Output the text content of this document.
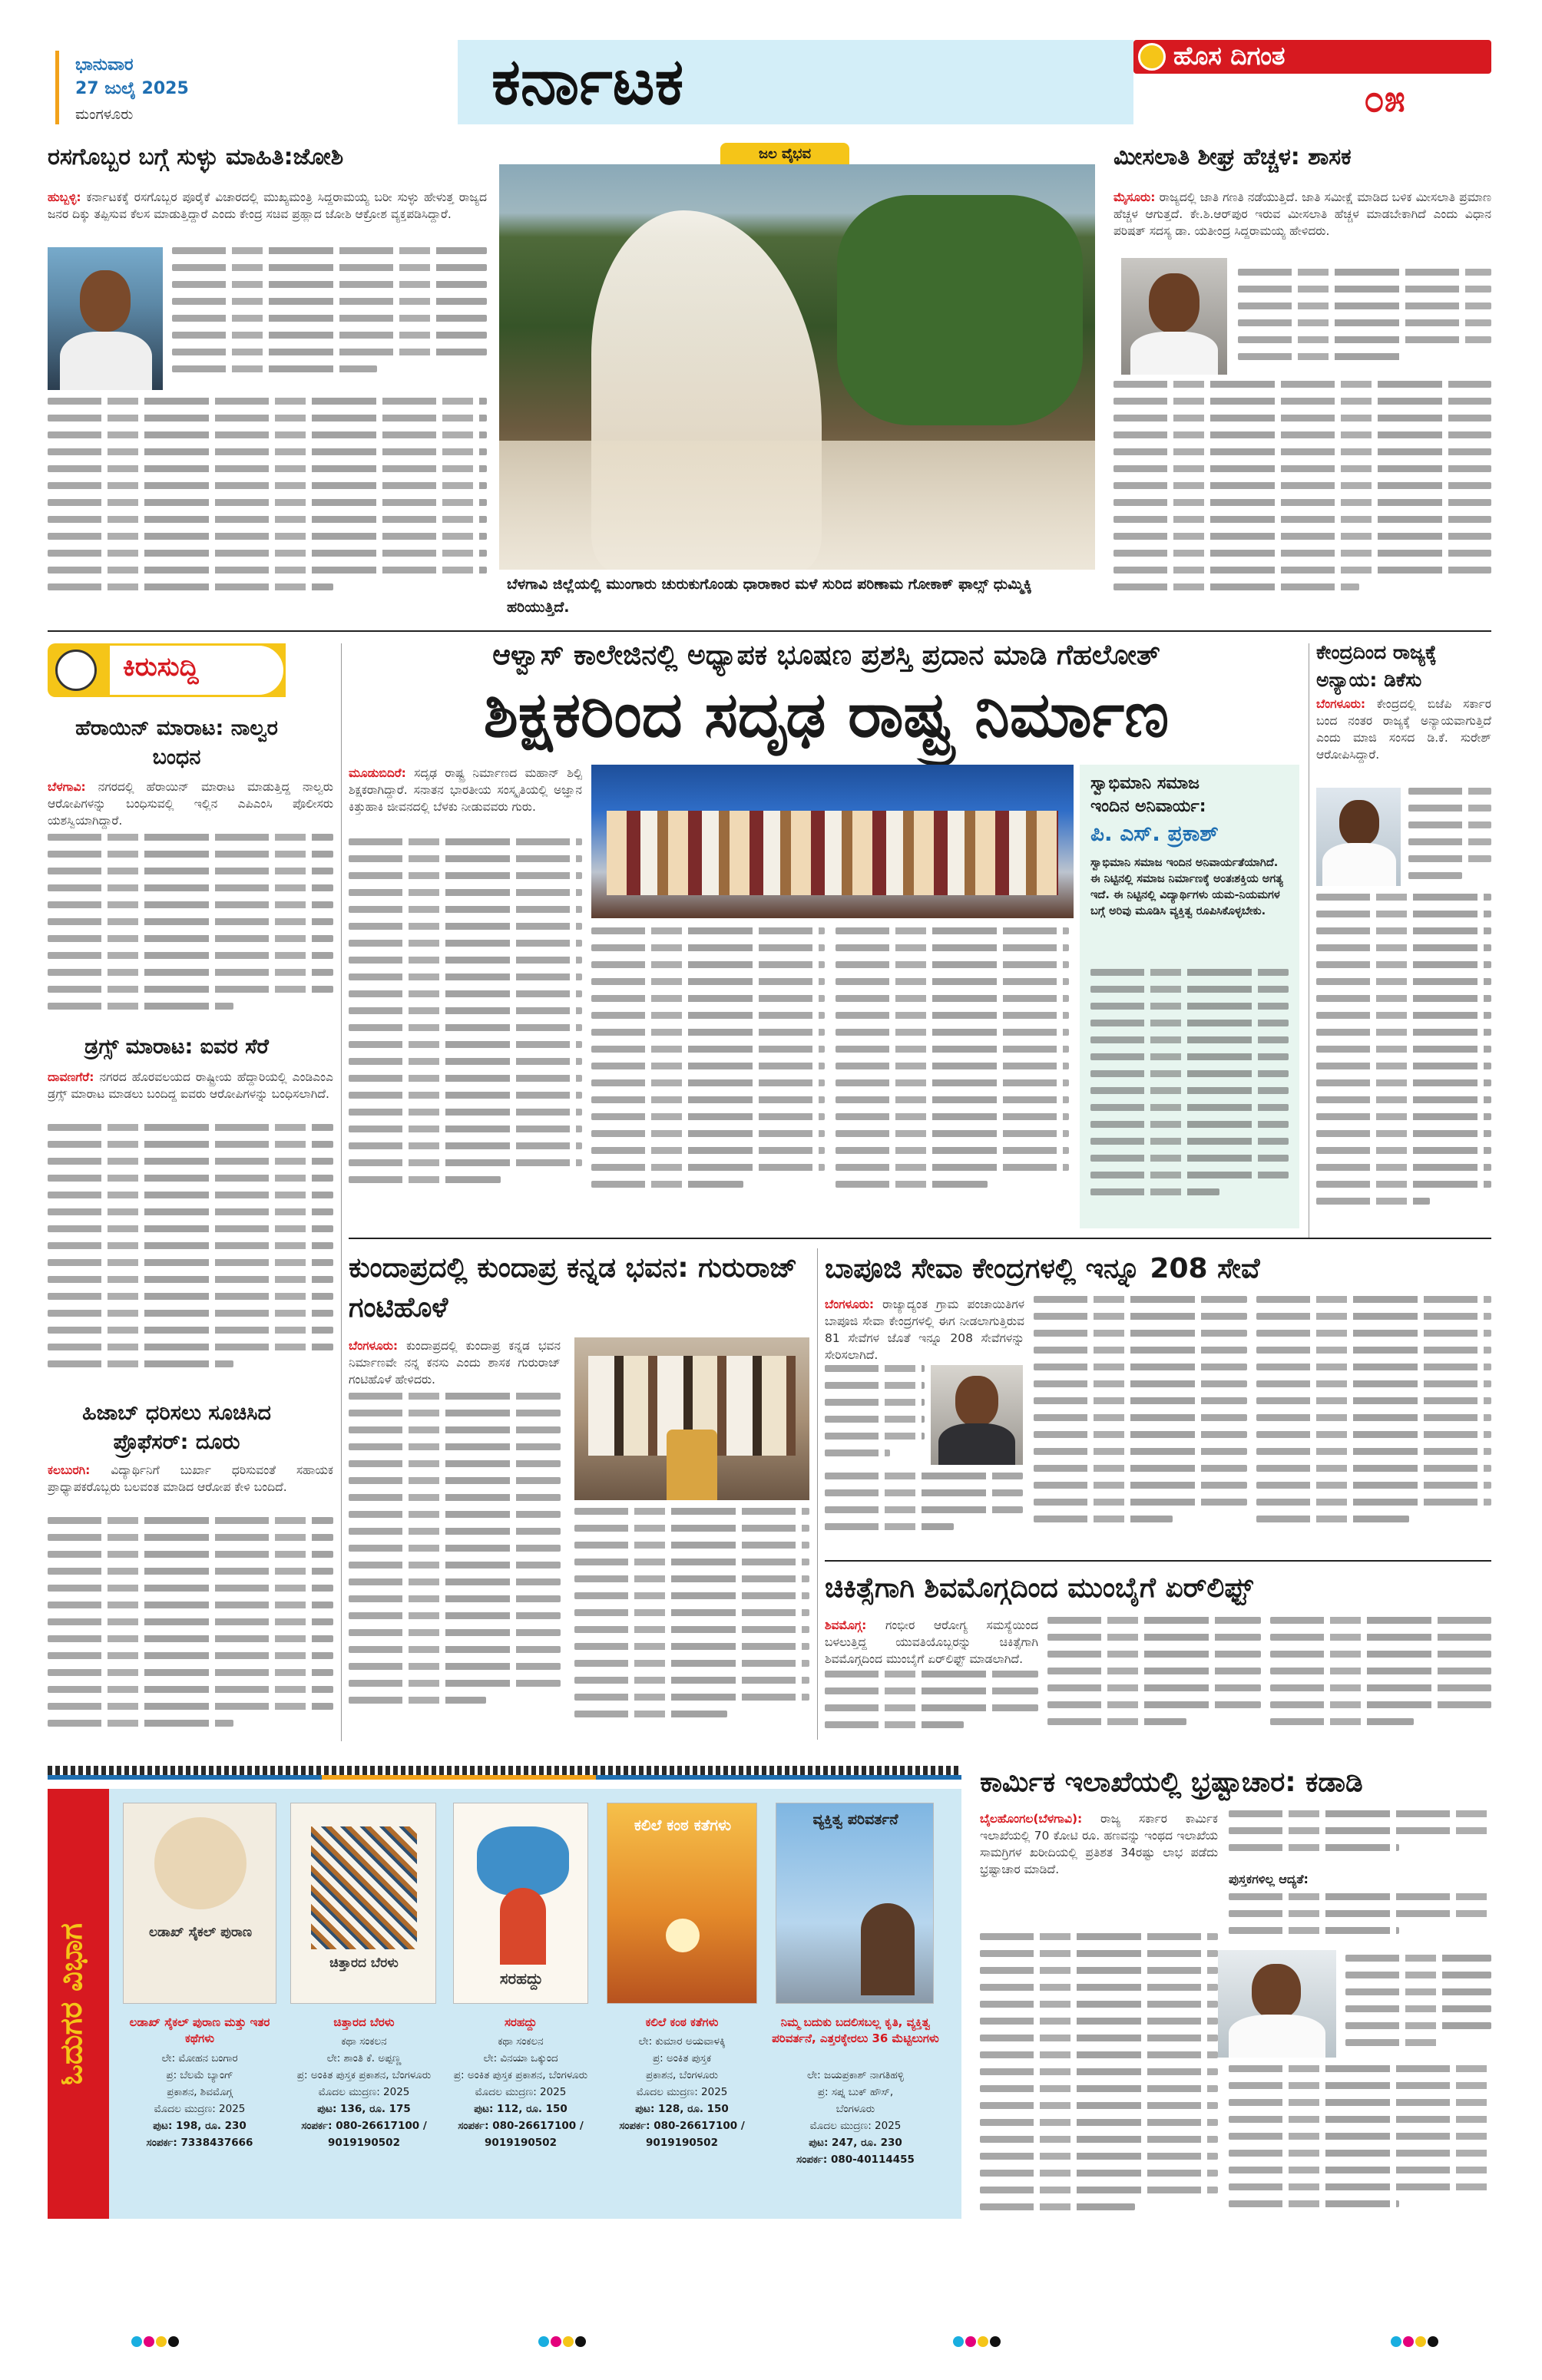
ಭಾನುವಾರ
27 ಜುಲೈ 2025
ಮಂಗಳೂರು	ಕರ್ನಾಟಕ	ಹೊಸ ದಿಗಂತ
೦೫
ರಸಗೊಬ್ಬರ ಬಗ್ಗೆ ಸುಳ್ಳು ಮಾಹಿತಿ:ಜೋಶಿ
ಹುಬ್ಬಳ್ಳಿ: ಕರ್ನಾಟಕಕ್ಕೆ ರಸಗೊಬ್ಬರ ಪೂರೈಕೆ ವಿಚಾರದಲ್ಲಿ ಮುಖ್ಯಮಂತ್ರಿ ಸಿದ್ದರಾಮಯ್ಯ ಬರೀ ಸುಳ್ಳು ಹೇಳುತ್ತ ರಾಜ್ಯದ ಜನರ ದಿಕ್ಕು ತಪ್ಪಿಸುವ ಕೆಲಸ ಮಾಡುತ್ತಿದ್ದಾರೆ ಎಂದು ಕೇಂದ್ರ ಸಚಿವ ಪ್ರಹ್ಲಾದ ಜೋಶಿ ಆಕ್ರೋಶ ವ್ಯಕ್ತಪಡಿಸಿದ್ದಾರೆ.

ಜಲ ವೈಭವ
ಬೆಳಗಾವಿ ಜಿಲ್ಲೆಯಲ್ಲಿ ಮುಂಗಾರು ಚುರುಕುಗೊಂಡು ಧಾರಾಕಾರ ಮಳೆ ಸುರಿದ ಪರಿಣಾಮ ಗೋಕಾಕ್ ಫಾಲ್ಸ್ ಧುಮ್ಮಿಕ್ಕಿ ಹರಿಯುತ್ತಿದೆ.
ಮೀಸಲಾತಿ ಶೀಘ್ರ ಹೆಚ್ಚಳ: ಶಾಸಕ
ಮೈಸೂರು: ರಾಜ್ಯದಲ್ಲಿ ಜಾತಿ ಗಣತಿ ನಡೆಯುತ್ತಿದೆ. ಜಾತಿ ಸಮೀಕ್ಷೆ ಮಾಡಿದ ಬಳಿಕ ಮೀಸಲಾತಿ ಪ್ರಮಾಣ ಹೆಚ್ಚಳ ಆಗುತ್ತದೆ. ಕೇ.ಶಿ.ಆರ್‌ಪುರ ಇರುವ ಮೀಸಲಾತಿ ಹೆಚ್ಚಳ ಮಾಡಬೇಕಾಗಿದೆ ಎಂದು ವಿಧಾನ ಪರಿಷತ್ ಸದಸ್ಯ ಡಾ. ಯತೀಂದ್ರ ಸಿದ್ದರಾಮಯ್ಯ ಹೇಳಿದರು.

ಕಿರುಸುದ್ದಿ
ಹೆರಾಯಿನ್ ಮಾರಾಟ: ನಾಲ್ವರ ಬಂಧನ
ಬೆಳಗಾವಿ: ನಗರದಲ್ಲಿ ಹೆರಾಯಿನ್ ಮಾರಾಟ ಮಾಡುತ್ತಿದ್ದ ನಾಲ್ವರು ಆರೋಪಿಗಳನ್ನು ಬಂಧಿಸುವಲ್ಲಿ ಇಲ್ಲಿನ ಎಪಿಎಂಸಿ ಪೊಲೀಸರು ಯಶಸ್ವಿಯಾಗಿದ್ದಾರೆ.

ಡ್ರಗ್ಸ್ ಮಾರಾಟ: ಐವರ ಸೆರೆ
ದಾವಣಗೆರೆ: ನಗರದ ಹೊರವಲಯದ ರಾಷ್ಟ್ರೀಯ ಹೆದ್ದಾರಿಯಲ್ಲಿ ಎಂಡಿಎಂಎ ಡ್ರಗ್ಸ್ ಮಾರಾಟ ಮಾಡಲು ಬಂದಿದ್ದ ಐವರು ಆರೋಪಿಗಳನ್ನು ಬಂಧಿಸಲಾಗಿದೆ.

ಹಿಜಾಬ್ ಧರಿಸಲು ಸೂಚಿಸಿದ ಪ್ರೊಫೆಸರ್: ದೂರು
ಕಲಬುರಗಿ: ವಿದ್ಯಾರ್ಥಿನಿಗೆ ಬುರ್ಖಾ ಧರಿಸುವಂತೆ ಸಹಾಯಕ ಪ್ರಾಧ್ಯಾಪಕರೊಬ್ಬರು ಬಲವಂತ ಮಾಡಿದ ಆರೋಪ ಕೇಳಿ ಬಂದಿದೆ.

ಆಳ್ವಾಸ್ ಕಾಲೇಜಿನಲ್ಲಿ ಅಧ್ಯಾಪಕ ಭೂಷಣ ಪ್ರಶಸ್ತಿ ಪ್ರದಾನ ಮಾಡಿ ಗೆಹಲೋತ್
ಶಿಕ್ಷಕರಿಂದ ಸದೃಢ ರಾಷ್ಟ್ರ ನಿರ್ಮಾಣ
ಮೂಡುಬಿದಿರೆ: ಸದೃಢ ರಾಷ್ಟ್ರ ನಿರ್ಮಾಣದ ಮಹಾನ್ ಶಿಲ್ಪಿ ಶಿಕ್ಷಕರಾಗಿದ್ದಾರೆ. ಸನಾತನ ಭಾರತೀಯ ಸಂಸ್ಕೃತಿಯಲ್ಲಿ ಅಜ್ಞಾನ ಕಿತ್ತುಹಾಕಿ ಜೀವನದಲ್ಲಿ ಬೆಳಕು ನೀಡುವವರು ಗುರು.

ಸ್ವಾಭಿಮಾನಿ ಸಮಾಜ
ಇಂದಿನ ಅನಿವಾರ್ಯ:
ಪಿ. ಎಸ್. ಪ್ರಕಾಶ್
ಸ್ವಾಭಿಮಾನಿ ಸಮಾಜ ಇಂದಿನ ಅನಿವಾರ್ಯತೆಯಾಗಿದೆ. ಈ ನಿಟ್ಟಿನಲ್ಲಿ ಸಮಾಜ ನಿರ್ಮಾಣಕ್ಕೆ ಅಂತಃಶಕ್ತಿಯ ಅಗತ್ಯ ಇದೆ. ಈ ನಿಟ್ಟಿನಲ್ಲಿ ವಿದ್ಯಾರ್ಥಿಗಳು ಯಮ-ನಿಯಮಗಳ ಬಗ್ಗೆ ಅರಿವು ಮೂಡಿಸಿ ವ್ಯಕ್ತಿತ್ವ ರೂಪಿಸಿಕೊಳ್ಳಬೇಕು.

ಕೇಂದ್ರದಿಂದ ರಾಜ್ಯಕ್ಕೆ ಅನ್ಯಾಯ: ಡಿಕೆಸು
ಬೆಂಗಳೂರು: ಕೇಂದ್ರದಲ್ಲಿ ಬಿಜೆಪಿ ಸರ್ಕಾರ ಬಂದ ನಂತರ ರಾಜ್ಯಕ್ಕೆ ಅನ್ಯಾಯವಾಗುತ್ತಿದೆ ಎಂದು ಮಾಜಿ ಸಂಸದ ಡಿ.ಕೆ. ಸುರೇಶ್ ಆರೋಪಿಸಿದ್ದಾರೆ.

ಕುಂದಾಪ್ರದಲ್ಲಿ ಕುಂದಾಪ್ರ ಕನ್ನಡ ಭವನ: ಗುರುರಾಜ್ ಗಂಟಿಹೊಳೆ
ಬೆಂಗಳೂರು: ಕುಂದಾಪ್ರದಲ್ಲಿ ಕುಂದಾಪ್ರ ಕನ್ನಡ ಭವನ ನಿರ್ಮಾಣವೇ ನನ್ನ ಕನಸು ಎಂದು ಶಾಸಕ ಗುರುರಾಜ್ ಗಂಟಿಹೊಳೆ ಹೇಳಿದರು.

ಬಾಪೂಜಿ ಸೇವಾ ಕೇಂದ್ರಗಳಲ್ಲಿ ಇನ್ನೂ 208 ಸೇವೆ
ಬೆಂಗಳೂರು: ರಾಜ್ಯಾದ್ಯಂತ ಗ್ರಾಮ ಪಂಚಾಯಿತಿಗಳ ಬಾಪೂಜಿ ಸೇವಾ ಕೇಂದ್ರಗಳಲ್ಲಿ ಈಗ ನೀಡಲಾಗುತ್ತಿರುವ 81 ಸೇವೆಗಳ ಜೊತೆ ಇನ್ನೂ 208 ಸೇವೆಗಳನ್ನು ಸೇರಿಸಲಾಗಿದೆ.

ಚಿಕಿತ್ಸೆಗಾಗಿ ಶಿವಮೊಗ್ಗದಿಂದ ಮುಂಬೈಗೆ ಏರ್‌ಲಿಫ್ಟ್
ಶಿವಮೊಗ್ಗ: ಗಂಭೀರ ಆರೋಗ್ಯ ಸಮಸ್ಯೆಯಿಂದ ಬಳಲುತ್ತಿದ್ದ ಯುವತಿಯೊಬ್ಬರನ್ನು ಚಿಕಿತ್ಸೆಗಾಗಿ ಶಿವಮೊಗ್ಗದಿಂದ ಮುಂಬೈಗೆ ಏರ್‌ಲಿಫ್ಟ್ ಮಾಡಲಾಗಿದೆ.

ಓದುಗರ ವಿಭಾಗ	ಲಡಾಖ್ ಸೈಕಲ್ ಪುರಾಣ
ಲಡಾಖ್ ಸೈಕಲ್ ಪುರಾಣ ಮತ್ತು ಇತರ ಕಥೆಗಳು
ಲೇ: ಮೋಹನ ಬಂಗಾರ
ಪ್ರ: ಬೆಲಮೆ ಬ್ಯಾಂಗ್‌
ಪ್ರಕಾಶನ, ಶಿವಮೊಗ್ಗ
ಮೊದಲ ಮುದ್ರಣ: 2025
ಪುಟ: 198, ರೂ. 230
ಸಂಪರ್ಕ: 7338437666
ಚಿತ್ತಾರದ ಬೆರಳು
ಚಿತ್ತಾರದ ಬೆರಳು
ಕಥಾ ಸಂಕಲನ
ಲೇ: ಶಾಂತಿ ಕೆ. ಅಪ್ಪಣ್ಣ
ಪ್ರ: ಅಂಕಿತ ಪುಸ್ತಕ ಪ್ರಕಾಶನ, ಬೆಂಗಳೂರು
ಮೊದಲ ಮುದ್ರಣ: 2025
ಪುಟ: 136, ರೂ. 175
ಸಂಪರ್ಕ: 080-26617100 / 9019190502
ಸರಹದ್ದು
ಸರಹದ್ದು
ಕಥಾ ಸಂಕಲನ
ಲೇ: ವಿನಯಾ ಒಕ್ಕುಂದ
ಪ್ರ: ಅಂಕಿತ ಪುಸ್ತಕ ಪ್ರಕಾಶನ, ಬೆಂಗಳೂರು
ಮೊದಲ ಮುದ್ರಣ: 2025
ಪುಟ: 112, ರೂ. 150
ಸಂಪರ್ಕ: 080-26617100 / 9019190502
ಕಲಿಲೆ ಕಂಠ ಕತೆಗಳು
ಕಲಿಲೆ ಕಂಠ ಕತೆಗಳು
ಲೇ: ಕುಮಾರ ಅಯವಾಳಕ್ಕಿ
ಪ್ರ: ಅಂಕಿತ ಪುಸ್ತಕ
ಪ್ರಕಾಶನ, ಬೆಂಗಳೂರು
ಮೊದಲ ಮುದ್ರಣ: 2025
ಪುಟ: 128, ರೂ. 150
ಸಂಪರ್ಕ: 080-26617100 / 9019190502
ವ್ಯಕ್ತಿತ್ವ ಪರಿವರ್ತನೆ
ನಿಮ್ಮ ಬದುಕು ಬದಲಿಸಬಲ್ಲ ಕೃತಿ, ವ್ಯಕ್ತಿತ್ವ ಪರಿವರ್ತನೆ, ಎತ್ತರಕ್ಕೇರಲು 36 ಮೆಟ್ಟಿಲುಗಳು
ಲೇ: ಜಯಪ್ರಕಾಶ್ ನಾಗತಿಹಳ್ಳಿ
ಪ್ರ: ಸಪ್ನ ಬುಕ್ ಹೌಸ್,
ಬೆಂಗಳೂರು
ಮೊದಲ ಮುದ್ರಣ: 2025
ಪುಟ: 247, ರೂ. 230
ಸಂಪರ್ಕ: 080-40114455
ಕಾರ್ಮಿಕ ಇಲಾಖೆಯಲ್ಲಿ ಭ್ರಷ್ಟಾಚಾರ: ಕಡಾಡಿ
ಬೈಲಹೊಂಗಲ(ಬೆಳಗಾವಿ): ರಾಜ್ಯ ಸರ್ಕಾರ ಕಾರ್ಮಿಕ ಇಲಾಖೆಯಲ್ಲಿ 70 ಕೋಟಿ ರೂ. ಹಣವನ್ನು ಇಂಥದ ಇಲಾಖೆಯ ಸಾಮಗ್ರಿಗಳ ಖರೀದಿಯಲ್ಲಿ ಪ್ರತಿಶತ 34ರಷ್ಟು ಲಾಭ ಪಡೆದು ಭ್ರಷ್ಟಾಚಾರ ಮಾಡಿದೆ.

ಪುಸ್ತಕಗಳಿಲ್ಲ ಆದ್ಯತೆ:
